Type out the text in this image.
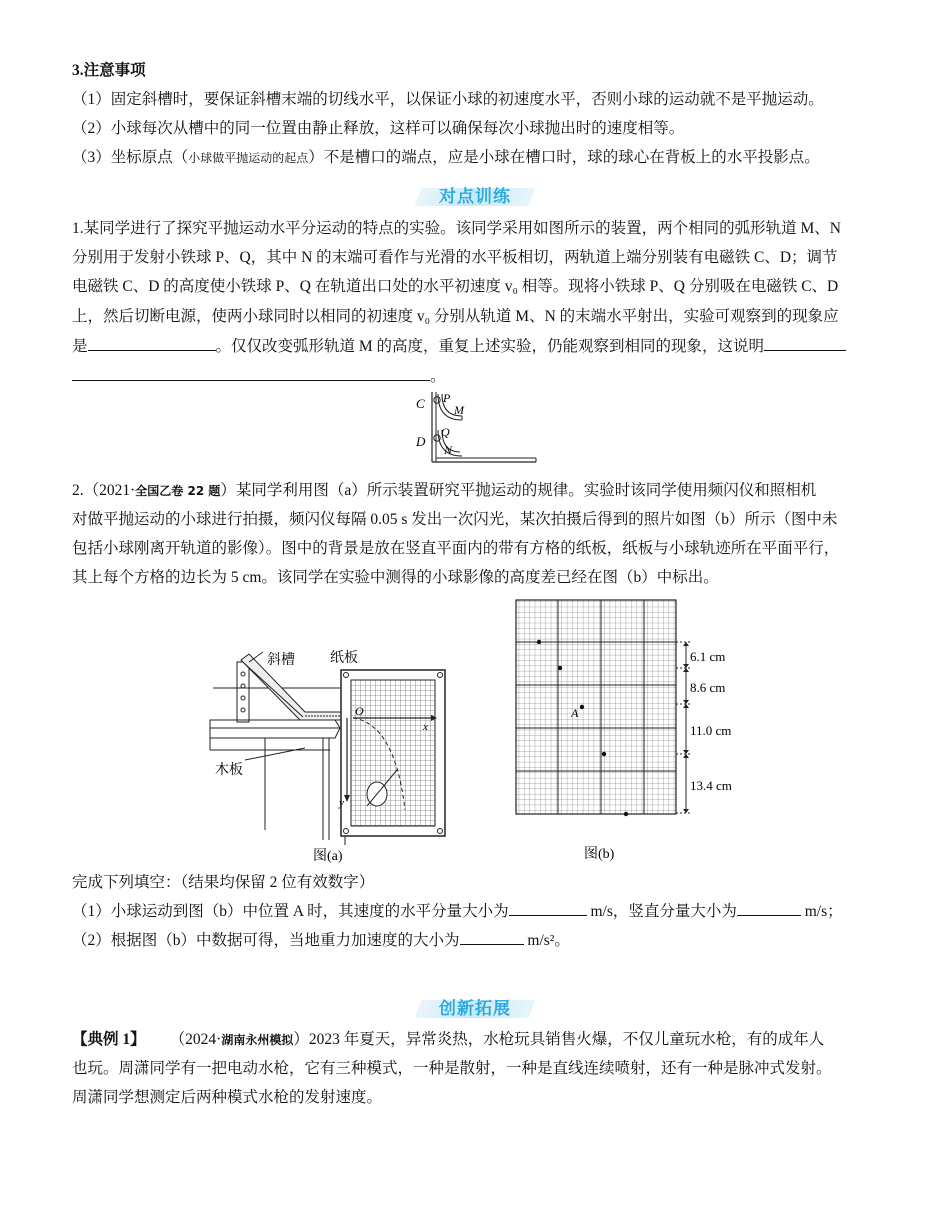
3.注意事项
（1）固定斜槽时，要保证斜槽末端的切线水平，以保证小球的初速度水平，否则小球的运动就不是平抛运动。
（2）小球每次从槽中的同一位置由静止释放，这样可以确保每次小球抛出时的速度相等。
（3）坐标原点（小球做平抛运动的起点）不是槽口的端点，应是小球在槽口时，球的球心在背板上的水平投影点。
对点训练
1.某同学进行了探究平抛运动水平分运动的特点的实验。该同学采用如图所示的装置，两个相同的弧形轨道 M、N
分别用于发射小铁球 P、Q，其中 N 的末端可看作与光滑的水平板相切，两轨道上端分别装有电磁铁 C、D；调节
电磁铁 C、D 的高度使小铁球 P、Q 在轨道出口处的水平初速度 v₀ 相等。现将小铁球 P、Q 分别吸在电磁铁 C、D
上，然后切断电源，使两小球同时以相同的初速度 v₀ 分别从轨道 M、N 的末端水平射出，实验可观察到的现象应
是	。仅仅改变弧形轨道 M 的高度，重复上述实验，仍能观察到相同的现象，这说明
。
C P
M
D
Q
N
2.（2021·全国乙卷 22 题）某同学利用图（a）所示装置研究平抛运动的规律。实验时该同学使用频闪仪和照相机
对做平抛运动的小球进行拍摄，频闪仪每隔 0.05 s 发出一次闪光，某次拍摄后得到的照片如图（b）所示（图中未
包括小球刚离开轨道的影像）。图中的背景是放在竖直平面内的带有方格的纸板，纸板与小球轨迹所在平面平行，
其上每个方格的边长为 5 cm。该同学在实验中测得的小球影像的高度差已经在图（b）中标出。
斜槽	纸板
木板
O
x
y
图(a)
A
6.1 cm
8.6 cm
11.0 cm
13.4 cm
图(b)
完成下列填空：（结果均保留 2 位有效数字）
（1）小球运动到图（b）中位置 A 时，其速度的水平分量大小为	m/s，竖直分量大小为	m/s；
（2）根据图（b）中数据可得，当地重力加速度的大小为	m/s²。
创新拓展
【典例 1】 （2024·湖南永州模拟）2023 年夏天，异常炎热，水枪玩具销售火爆，不仅儿童玩水枪，有的成年人
也玩。周潇同学有一把电动水枪，它有三种模式，一种是散射，一种是直线连续喷射，还有一种是脉冲式发射。
周潇同学想测定后两种模式水枪的发射速度。
